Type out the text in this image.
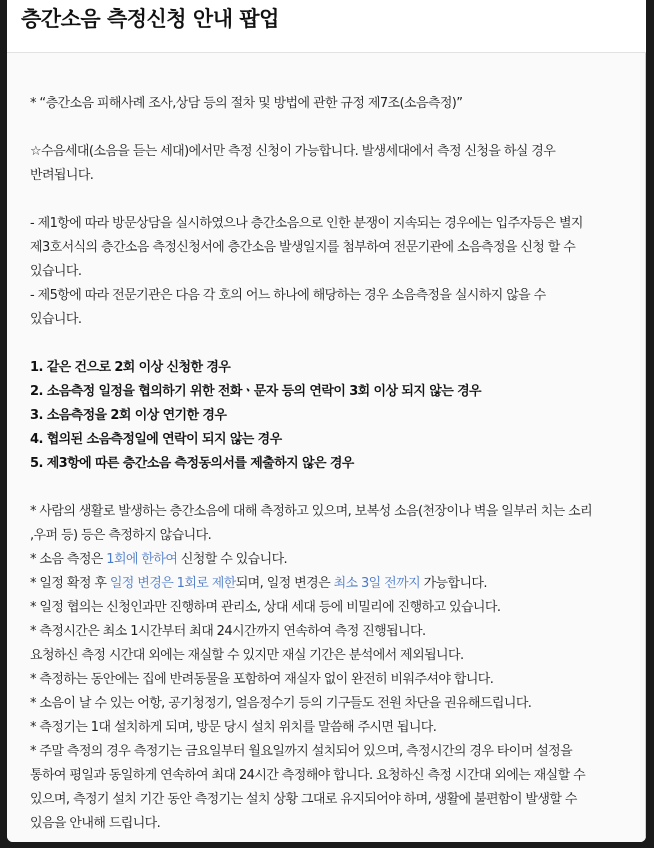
층간소음 측정신청 안내 팝업
* “층간소음 피해사례 조사,상담 등의 절차 및 방법에 관한 규정 제7조(소음측정)”
☆수음세대(소음을 듣는 세대)에서만 측정 신청이 가능합니다. 발생세대에서 측정 신청을 하실 경우
반려됩니다.
- 제1항에 따라 방문상담을 실시하였으나 층간소음으로 인한 분쟁이 지속되는 경우에는 입주자등은 별지
제3호서식의 층간소음 측정신청서에 층간소음 발생일지를 첨부하여 전문기관에 소음측정을 신청 할 수
있습니다.
- 제5항에 따라 전문기관은 다음 각 호의 어느 하나에 해당하는 경우 소음측정을 실시하지 않을 수
있습니다.
1. 같은 건으로 2회 이상 신청한 경우
2. 소음측정 일정을 협의하기 위한 전화ㆍ문자 등의 연락이 3회 이상 되지 않는 경우
3. 소음측정을 2회 이상 연기한 경우
4. 협의된 소음측정일에 연락이 되지 않는 경우
5. 제3항에 따른 층간소음 측정동의서를 제출하지 않은 경우
* 사람의 생활로 발생하는 층간소음에 대해 측정하고 있으며, 보복성 소음(천장이나 벽을 일부러 치는 소리
,우퍼 등) 등은 측정하지 않습니다.
* 소음 측정은 1회에 한하여 신청할 수 있습니다.
* 일정 확정 후 일정 변경은 1회로 제한되며, 일정 변경은 최소 3일 전까지 가능합니다.
* 일정 협의는 신청인과만 진행하며 관리소, 상대 세대 등에 비밀리에 진행하고 있습니다.
* 측정시간은 최소 1시간부터 최대 24시간까지 연속하여 측정 진행됩니다.
요청하신 측정 시간대 외에는 재실할 수 있지만 재실 기간은 분석에서 제외됩니다.
* 측정하는 동안에는 집에 반려동물을 포함하여 재실자 없이 완전히 비워주셔야 합니다.
* 소음이 날 수 있는 어항, 공기청정기, 얼음정수기 등의 기구들도 전원 차단을 권유해드립니다.
* 측정기는 1대 설치하게 되며, 방문 당시 설치 위치를 말씀해 주시면 됩니다.
* 주말 측정의 경우 측정기는 금요일부터 월요일까지 설치되어 있으며, 측정시간의 경우 타이머 설정을
통하여 평일과 동일하게 연속하여 최대 24시간 측정해야 합니다. 요청하신 측정 시간대 외에는 재실할 수
있으며, 측정기 설치 기간 동안 측정기는 설치 상황 그대로 유지되어야 하며, 생활에 불편함이 발생할 수
있음을 안내해 드립니다.
